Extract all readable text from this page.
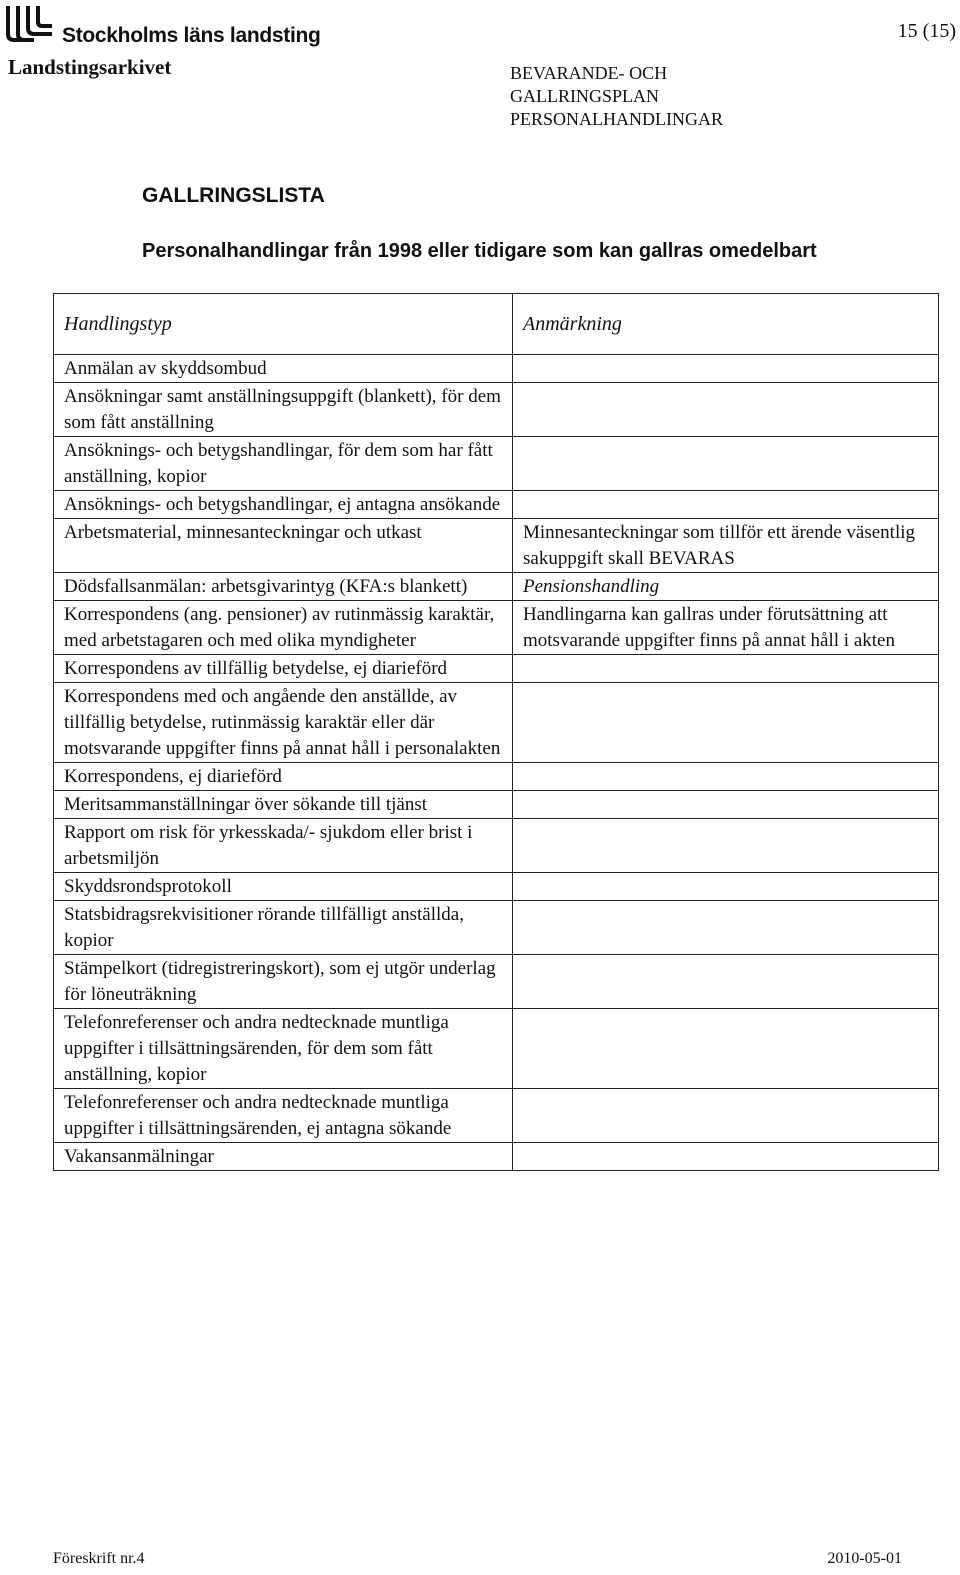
Stockholms läns landsting	15 (15)
Landstingsarkivet	BEVARANDE- OCH
GALLRINGSPLAN
PERSONALHANDLINGAR
GALLRINGSLISTA
Personalhandlingar från 1998 eller tidigare som kan gallras omedelbart
Handlingstyp	Anmärkning
Anmälan av skyddsombud	
Ansökningar samt anställningsuppgift (blankett), för dem som fått anställning	
Ansöknings- och betygshandlingar, för dem som har fått anställning, kopior	
Ansöknings- och betygshandlingar, ej antagna ansökande	
Arbetsmaterial, minnesanteckningar och utkast	Minnesanteckningar som tillför ett ärende väsentlig sakuppgift skall BEVARAS
Dödsfallsanmälan: arbetsgivarintyg (KFA:s blankett)	Pensionshandling
Korrespondens (ang. pensioner) av rutinmässig karaktär, med arbetstagaren och med olika myndigheter	Handlingarna kan gallras under förutsättning att motsvarande uppgifter finns på annat håll i akten
Korrespondens av tillfällig betydelse, ej diarieförd	
Korrespondens med och angående den anställde, av tillfällig betydelse, rutinmässig karaktär eller där motsvarande uppgifter finns på annat håll i personalakten	
Korrespondens, ej diarieförd	
Meritsammanställningar över sökande till tjänst	
Rapport om risk för yrkesskada/- sjukdom eller brist i arbetsmiljön	
Skyddsrondsprotokoll	
Statsbidragsrekvisitioner rörande tillfälligt anställda, kopior	
Stämpelkort (tidregistreringskort), som ej utgör underlag för löneuträkning	
Telefonreferenser och andra nedtecknade muntliga uppgifter i tillsättningsärenden, för dem som fått anställning, kopior	
Telefonreferenser och andra nedtecknade muntliga uppgifter i tillsättningsärenden, ej antagna sökande	
Vakansanmälningar	
Föreskrift nr.4	2010-05-01
